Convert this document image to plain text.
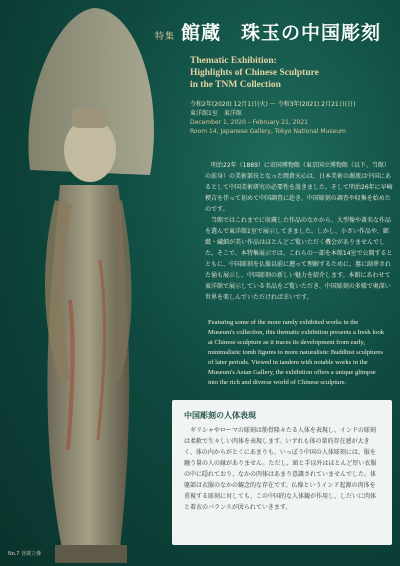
特集 館蔵　珠玉の中国彫刻
Thematic Exhibition:
Highlights of Chinese Sculpture
in the TNM Collection
令和2年(2020) 12月1日(火) ～ 令和3年(2021) 2月21日(日)
東洋館1室　東洋館
December 1, 2020 – February 21, 2021
Room 14, Japanese Gallery, Tokyo National Museum

明治22年（1889）に帝国博物館（東京国立博物館（以下、当館）の前身）の美術部長となった岡倉天心は、日本美術の源流は中国にあるとして中国美術研究の必要性を説きました。そして明治26年に早崎稉吉を伴って初めて中国調査に赴き、中国彫刻の調査や収集を始めたのです。

当館ではこれまでに収蔵した作品のなかから、大型像や著名な作品を選んで東洋館1室で展示してきました。しかし、小さい作品や、細緻・繊細が美い作品はほとんどご覧いただく機会がありませんでした。そこで、本特集展示では、これらの一部を本館14室で公開するとともに、中国彫刻を仏像以前に遡って理解するために、墓に副葬された俑も展示し、中国彫刻の新しい魅力を紹介します。本館にあわせて東洋館で展示している名品をご覧いただき、中国彫刻の多様で奥深い世界を楽しんでいただければ幸いです。

Featuring some of the more rarely exhibited works in the Museum's collection, this thematic exhibition presents a fresh look at Chinese sculpture as it traces its development from early, minimalistic tomb figures to more naturalistic Buddhist sculptures of later periods. Viewed in tandem with notable works in the Museum's Asian Gallery, the exhibition offers a unique glimpse into the rich and diverse world of Chinese sculpture.
中国彫刻の人体表現
ギリシャやローマの彫刻は筋骨隆々たる人体を表現し、インドの彫刻は柔軟で生々しい肉体を表現します。いずれも体の量的存在感が大きく、体の内からがとくにあまりも、いっぽう中国の人体彫刻には、服を纏う量の人の縁がありません。ただし、頭と手以外はほとんど厚い衣服の中に隠れており、なかの肉体はあまり意識されていませんでした。体躯部は衣服のなかの観念的な存在です。仏像というインド起源の肉体を重視する彫刻に対しても、この中国的な人体観が作用し、しだいに肉体と着衣のバランスが図られていきます。
No.7 菩薩立像
